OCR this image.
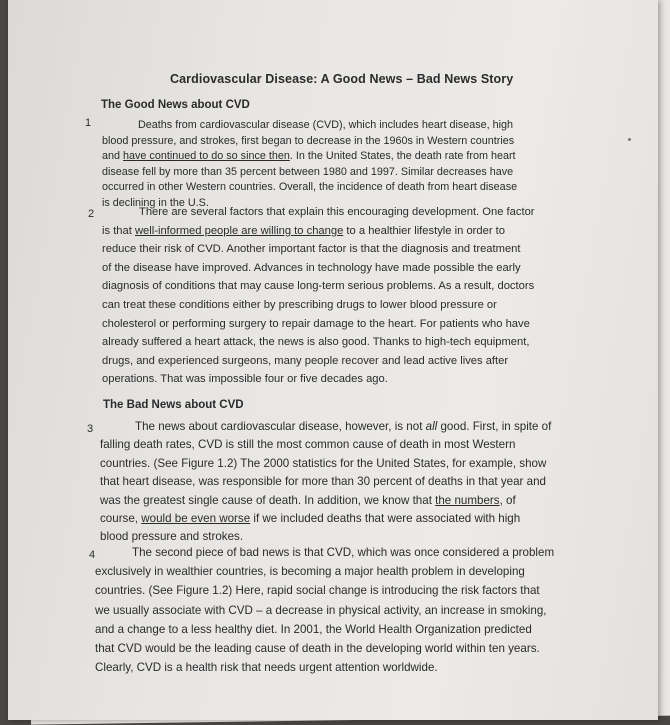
Cardiovascular Disease: A Good News – Bad News Story
The Good News about CVD
The Bad News about CVD
1
2
3
4
Deaths from cardiovascular disease (CVD), which includes heart disease, high
blood pressure, and strokes, first began to decrease in the 1960s in Western countries
and have continued to do so since then. In the United States, the death rate from heart
disease fell by more than 35 percent between 1980 and 1997. Similar decreases have
occurred in other Western countries. Overall, the incidence of death from heart disease
is declining in the U.S.
There are several factors that explain this encouraging development. One factor
is that well-informed people are willing to change to a healthier lifestyle in order to
reduce their risk of CVD. Another important factor is that the diagnosis and treatment
of the disease have improved. Advances in technology have made possible the early
diagnosis of conditions that may cause long-term serious problems. As a result, doctors
can treat these conditions either by prescribing drugs to lower blood pressure or
cholesterol or performing surgery to repair damage to the heart. For patients who have
already suffered a heart attack, the news is also good. Thanks to high-tech equipment,
drugs, and experienced surgeons, many people recover and lead active lives after
operations. That was impossible four or five decades ago.
The news about cardiovascular disease, however, is not all good. First, in spite of
falling death rates, CVD is still the most common cause of death in most Western
countries. (See Figure 1.2) The 2000 statistics for the United States, for example, show
that heart disease, was responsible for more than 30 percent of deaths in that year and
was the greatest single cause of death. In addition, we know that the numbers, of
course, would be even worse if we included deaths that were associated with high
blood pressure and strokes.
The second piece of bad news is that CVD, which was once considered a problem
exclusively in wealthier countries, is becoming a major health problem in developing
countries. (See Figure 1.2) Here, rapid social change is introducing the risk factors that
we usually associate with CVD – a decrease in physical activity, an increase in smoking,
and a change to a less healthy diet. In 2001, the World Health Organization predicted
that CVD would be the leading cause of death in the developing world within ten years.
Clearly, CVD is a health risk that needs urgent attention worldwide.
